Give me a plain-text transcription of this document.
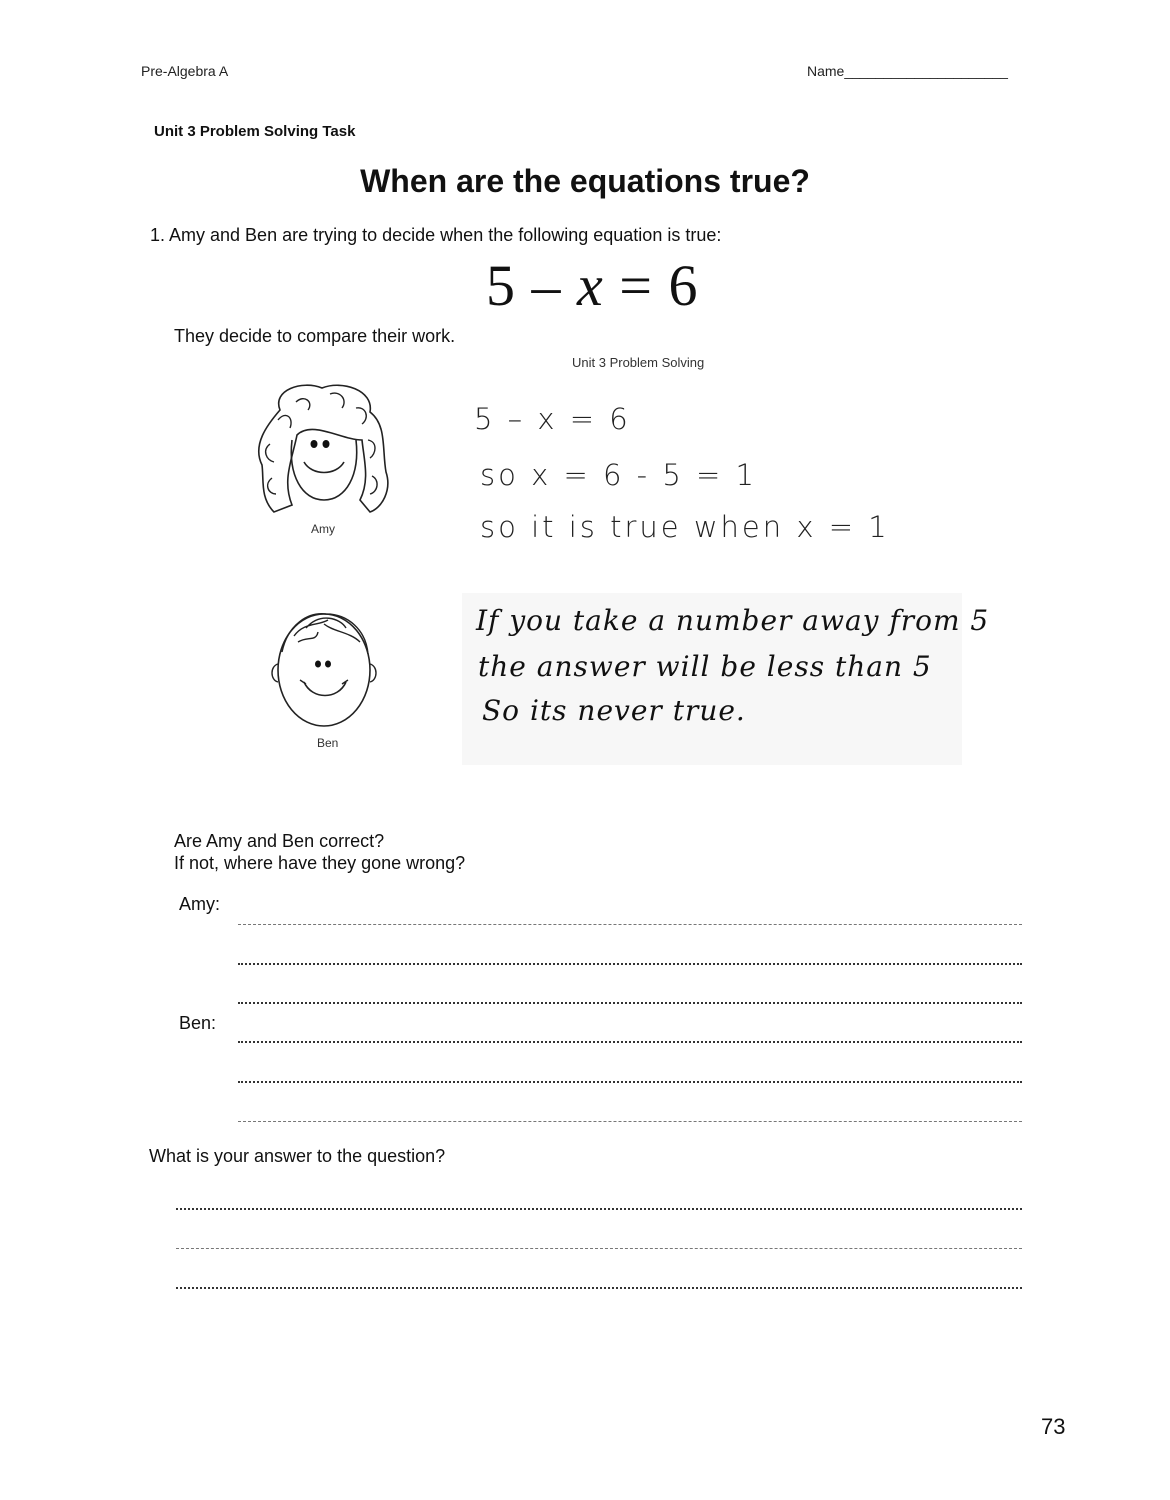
Pre-Algebra A	Name_____________________
Unit 3 Problem Solving Task
When are the equations true?
1. Amy and Ben are trying to decide when the following equation is true:
5 – x = 6
They decide to compare their work.
Unit 3 Problem Solving
Amy
5 – x = 6
so x = 6 - 5 = 1
so it is true when x = 1
Ben
If you take a number away from 5
the answer will be less than 5
So its never true.
Are Amy and Ben correct?
If not, where have they gone wrong?
Amy:
Ben:
What is your answer to the question?
73
